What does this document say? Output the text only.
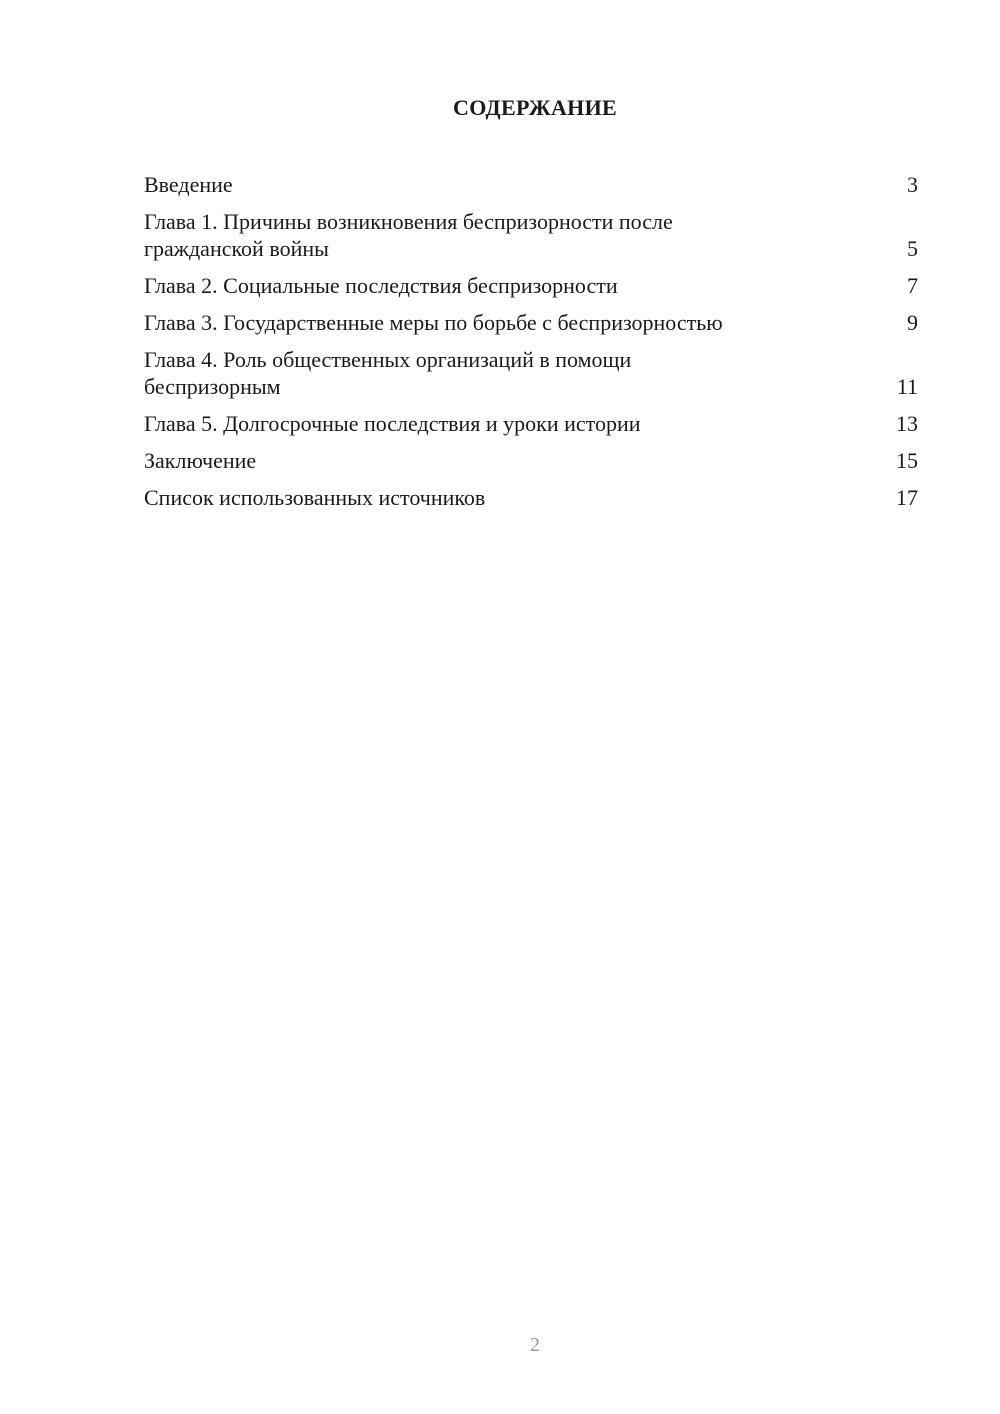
СОДЕРЖАНИЕ
Введение	3
Глава 1. Причины возникновения беспризорности после гражданской войны	5
Глава 2. Социальные последствия беспризорности	7
Глава 3. Государственные меры по борьбе с беспризорностью	9
Глава 4. Роль общественных организаций в помощи беспризорным	11
Глава 5. Долгосрочные последствия и уроки истории	13
Заключение	15
Список использованных источников	17
2
